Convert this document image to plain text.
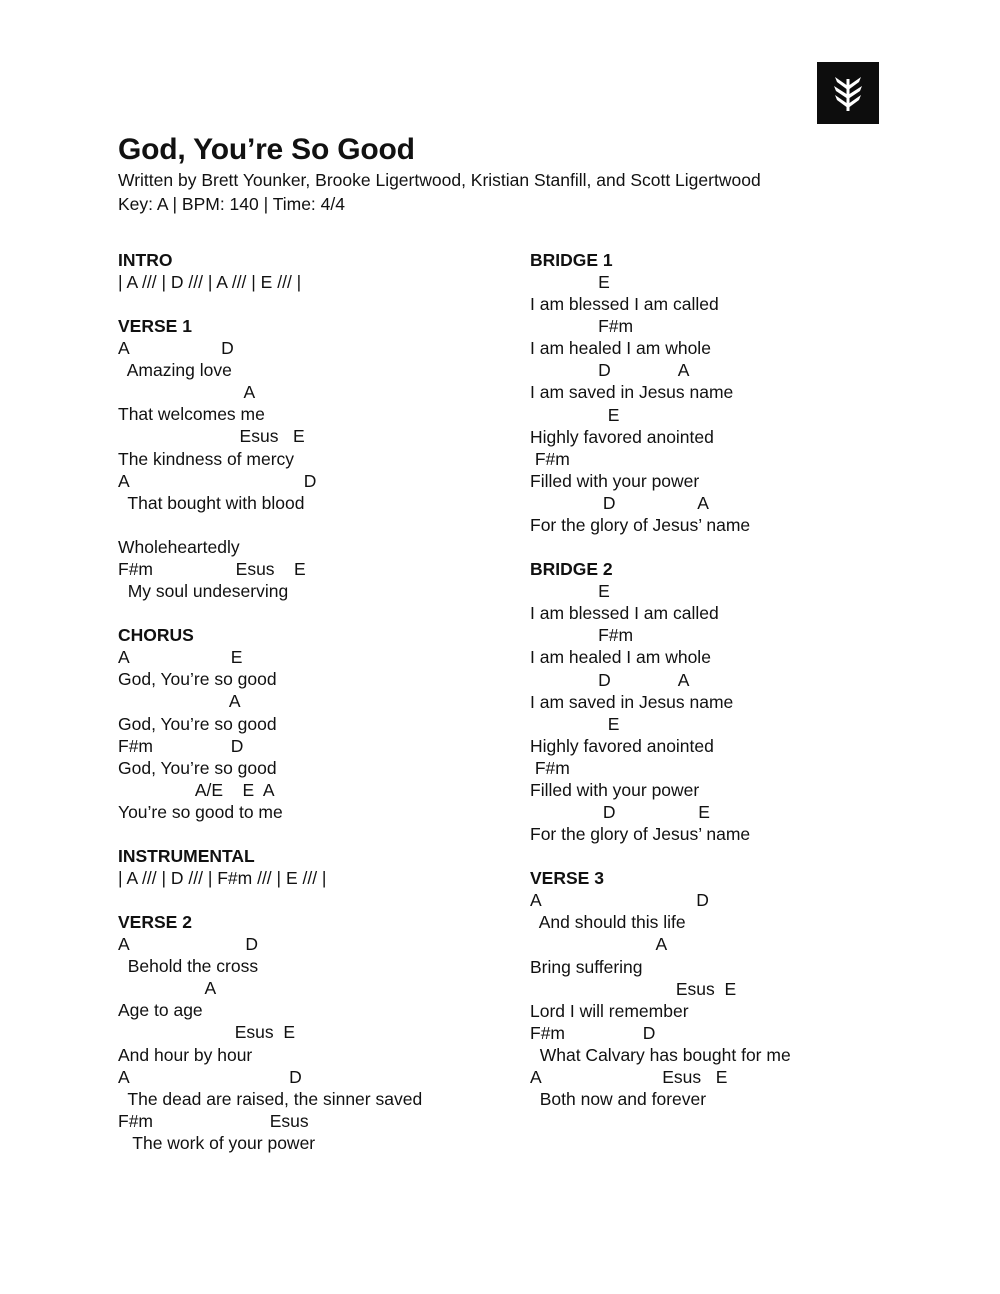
God, You’re So Good

Written by Brett Younker, Brooke Ligertwood, Kristian Stanfill, and Scott Ligertwood

Key: A | BPM: 140 | Time: 4/4

INTRO
| A /// | D /// | A /// | E /// |
VERSE 1
A                   D
Amazing love
A
That welcomes me
Esus   E
The kindness of mercy
A                                    D
That bought with blood
Wholeheartedly
F#m                 Esus    E
My soul undeserving
CHORUS
A                     E
God, You’re so good
A
God, You’re so good
F#m                D
God, You’re so good
A/E    E  A
You’re so good to me
INSTRUMENTAL
| A /// | D /// | F#m /// | E /// |
VERSE 2
A                        D
Behold the cross
A
Age to age
Esus  E
And hour by hour
A                                 D
The dead are raised, the sinner saved
F#m                        Esus
The work of your power
BRIDGE 1
E
I am blessed I am called
F#m
I am healed I am whole
D              A
I am saved in Jesus name
E
Highly favored anointed
F#m
Filled with your power
D                 A
For the glory of Jesus’ name
BRIDGE 2
E
I am blessed I am called
F#m
I am healed I am whole
D              A
I am saved in Jesus name
E
Highly favored anointed
F#m
Filled with your power
D                 E
For the glory of Jesus’ name
VERSE 3
A                                D
And should this life
A
Bring suffering
Esus  E
Lord I will remember
F#m                D
What Calvary has bought for me
A                         Esus   E
Both now and forever
